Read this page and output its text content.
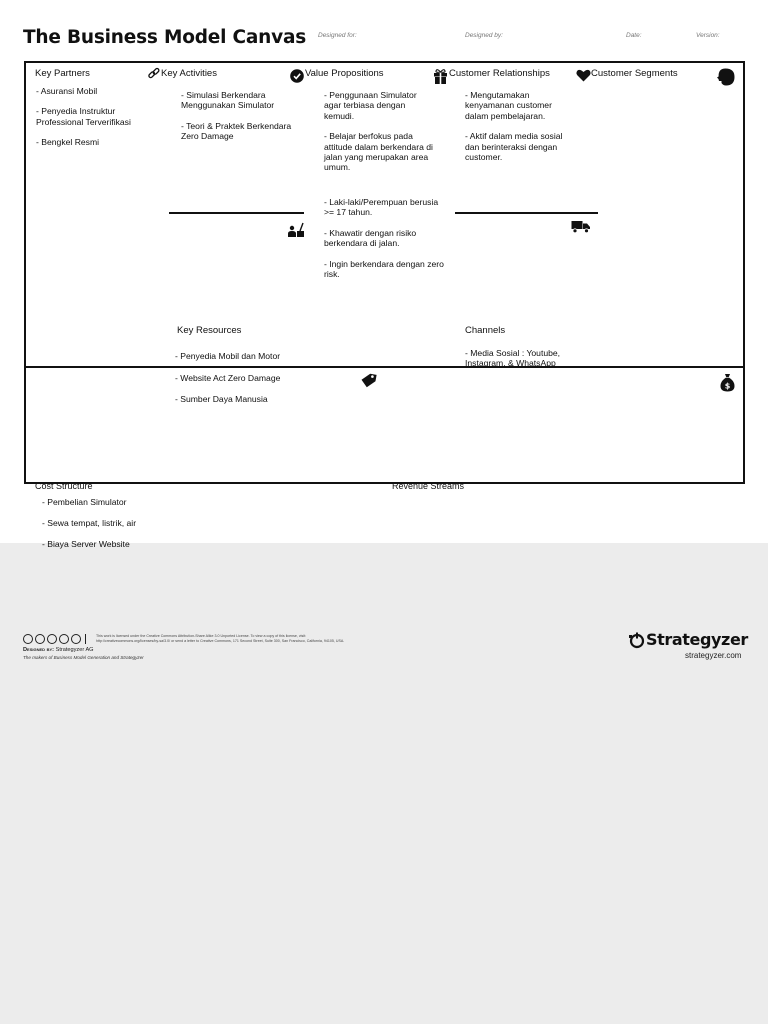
The Business Model Canvas Designed for:	Designed by:	Date:	Version:
Key Partners
- Asuransi Mobil
- Penyedia Instruktur Professional Terverifikasi
- Bengkel Resmi
Key Activities
- Simulasi Berkendara Menggunakan Simulator
- Teori & Praktek Berkendara Zero Damage
Value Propositions
- Penggunaan Simulator agar terbiasa dengan kemudi.
- Belajar berfokus pada attitude dalam berkendara di jalan yang merupakan area umum.
- Laki-laki/Perempuan berusia >= 17 tahun.
- Khawatir dengan risiko berkendara di jalan.
- Ingin berkendara dengan zero risk.
Customer Relationships
- Mengutamakan kenyamanan customer dalam pembelajaran.
- Aktif dalam media sosial dan berinteraksi dengan customer.
Customer Segments
Key Resources
- Penyedia Mobil dan Motor
- Website Act Zero Damage
- Sumber Daya Manusia
Channels
- Media Sosial : Youtube, Instagram, & WhatsApp
$
Cost Structure
- Pembelian Simulator
- Sewa tempat, listrik, air
- Biaya Server Website
Revenue Streams
This work is licensed under the Creative Commons Attribution-Share Alike 3.0 Unported License. To view a copy of this license, visit: http://creativecommons.org/licenses/by-sa/3.0/ or send a letter to Creative Commons, 171 Second Street, Suite 300, San Francisco, California, 94105, USA.
Designed by: Strategyzer AG
The makers of Business Model Generation and Strategyzer
Strategyzer
strategyzer.com
